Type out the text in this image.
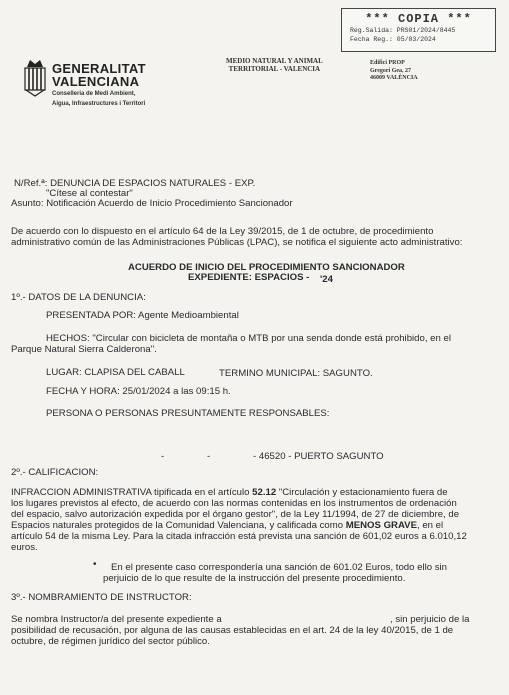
*** COPIA ***
Reg.Salida: PRS01/2024/8445
Fecha Reg.: 05/03/2024
GENERALITAT
VALENCIANA
Conselleria de Medi Ambient,
Aigua, Infraestructures i Territori
MEDIO NATURAL Y ANIMAL
TERRITORIAL - VALENCIA
Edifici PROP
Gregori Gea, 27
46009 VALÈNCIA
N/Ref.ª: DENUNCIA DE ESPACIOS NATURALES - EXP.
"Cítese al contestar"
Asunto: Notificación Acuerdo de Inicio Procedimiento Sancionador
De acuerdo con lo dispuesto en el artículo 64 de la Ley 39/2015, de 1 de octubre, de procedimiento
administrativo común de las Administraciones Públicas (LPAC), se notifica el siguiente acto administrativo:
ACUERDO DE INICIO DEL PROCEDIMIENTO SANCIONADOR
EXPEDIENTE: ESPACIOS - '24
1º.- DATOS DE LA DENUNCIA:
PRESENTADA POR: Agente Medioambiental
HECHOS: "Circular con bicicleta de montaña o MTB por una senda donde está prohibido, en el
Parque Natural Sierra Calderona".
LUGAR: CLAPISA DEL CABALL	TERMINO MUNICIPAL: SAGUNTO.
FECHA Y HORA: 25/01/2024 a las 09:15 h.
PERSONA O PERSONAS PRESUNTAMENTE RESPONSABLES:
-	-	- 46520 - PUERTO SAGUNTO
2º.- CALIFICACION:
INFRACCION ADMINISTRATIVA tipificada en el artículo 52.12 "Circulación y estacionamiento fuera de
los lugares previstos al efecto, de acuerdo con las normas contenidas en los instrumentos de ordenación
del espacio, salvo autorización expedida por el órgano gestor", de la Ley 11/1994, de 27 de diciembre, de
Espacios naturales protegidos de la Comunidad Valenciana, y calificada como MENOS GRAVE, en el
artículo 54 de la misma Ley. Para la citada infracción está prevista una sanción de 601,02 euros a 6.010,12
euros.
• En el presente caso correspondería una sanción de 601.02 Euros, todo ello sin
perjuicio de lo que resulte de la instrucción del presente procedimiento.
3º.- NOMBRAMIENTO DE INSTRUCTOR:
Se nombra Instructor/a del presente expediente a	, sin perjuicio de la
posibilidad de recusación, por alguna de las causas establecidas en el art. 24 de la ley 40/2015, de 1 de
octubre, de régimen jurídico del sector público.
